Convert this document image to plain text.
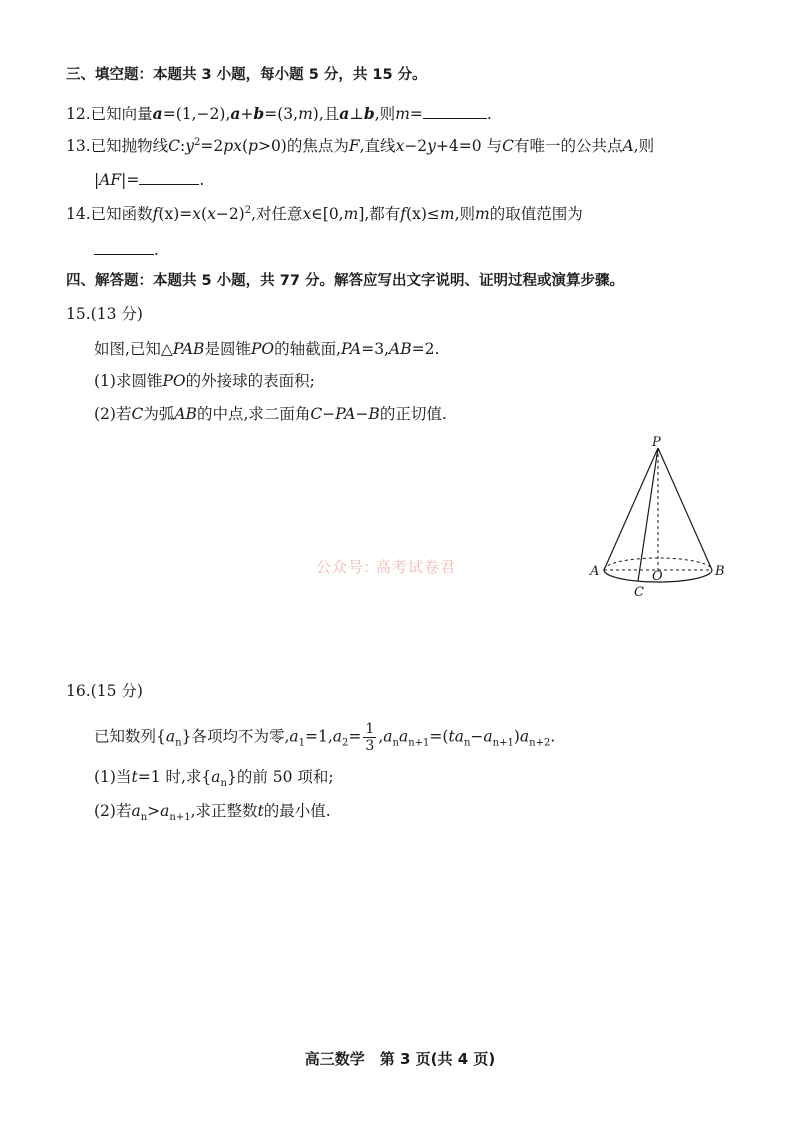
三、填空题：本题共 3 小题，每小题 5 分，共 15 分。
12.已知向量a=(1,−2),a+b=(3,m),且a⊥b,则m=	.
13.已知抛物线$C:y^2=2px(p>0)$的焦点为F,直线x−2y+4=0 与C有唯一的公共点A,则
|AF|=	.
14.已知函数$f(x)=x(x-2)^2$,对任意x∈[0,m],都有f(x)≤m,则m的取值范围为
.
四、解答题：本题共 5 小题，共 77 分。解答应写出文字说明、证明过程或演算步骤。
15.(13 分)
如图,已知△PAB是圆锥PO的轴截面,PA=3,AB=2.
(1)求圆锥PO的外接球的表面积;
(2)若C为弧AB的中点,求二面角C−PA−B的正切值.
P
A	B
C
O
公众号: 高考试卷君
16.(15 分)
已知数列$\{a_n\}$各项均不为零$,a_1=1,a_2= \frac{1}{3} ,a_na_{n+1}=(ta_n-a_{n+1})a_{n+2}$.
(1)当t=1 时,求$\{a_n\}$的前 50 项和;
(2)若$a_n>a_{n+1}$,求正整数t的最小值.
高三数学　第 3 页(共 4 页)
